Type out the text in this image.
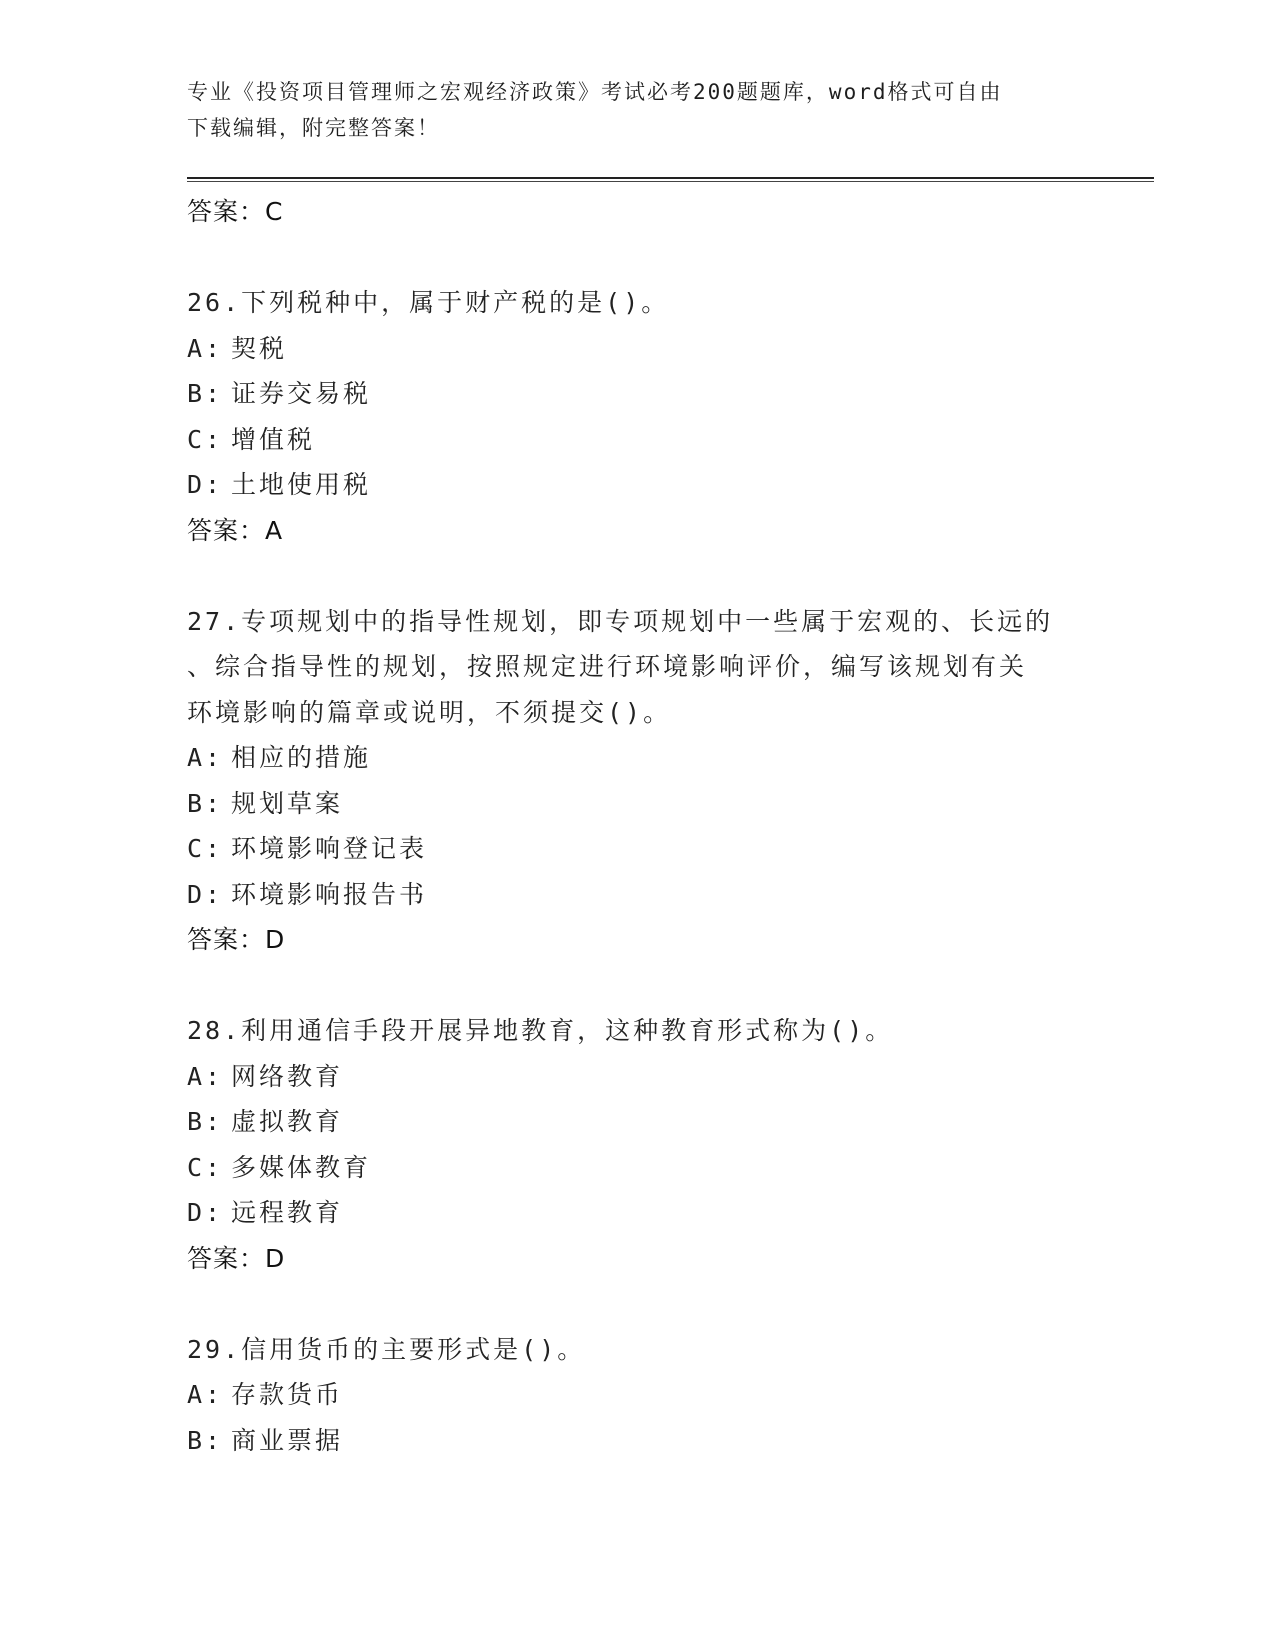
专业《投资项目管理师之宏观经济政策》考试必考200题题库，word格式可自由
下载编辑，附完整答案！
答案：C
26.下列税种中，属于财产税的是()。
A: 契税
B: 证券交易税
C: 增值税
D: 土地使用税
答案：A
27.专项规划中的指导性规划，即专项规划中一些属于宏观的、长远的
、综合指导性的规划，按照规定进行环境影响评价，编写该规划有关
环境影响的篇章或说明，不须提交()。
A: 相应的措施
B: 规划草案
C: 环境影响登记表
D: 环境影响报告书
答案：D
28.利用通信手段开展异地教育，这种教育形式称为()。
A: 网络教育
B: 虚拟教育
C: 多媒体教育
D: 远程教育
答案：D
29.信用货币的主要形式是()。
A: 存款货币
B: 商业票据
